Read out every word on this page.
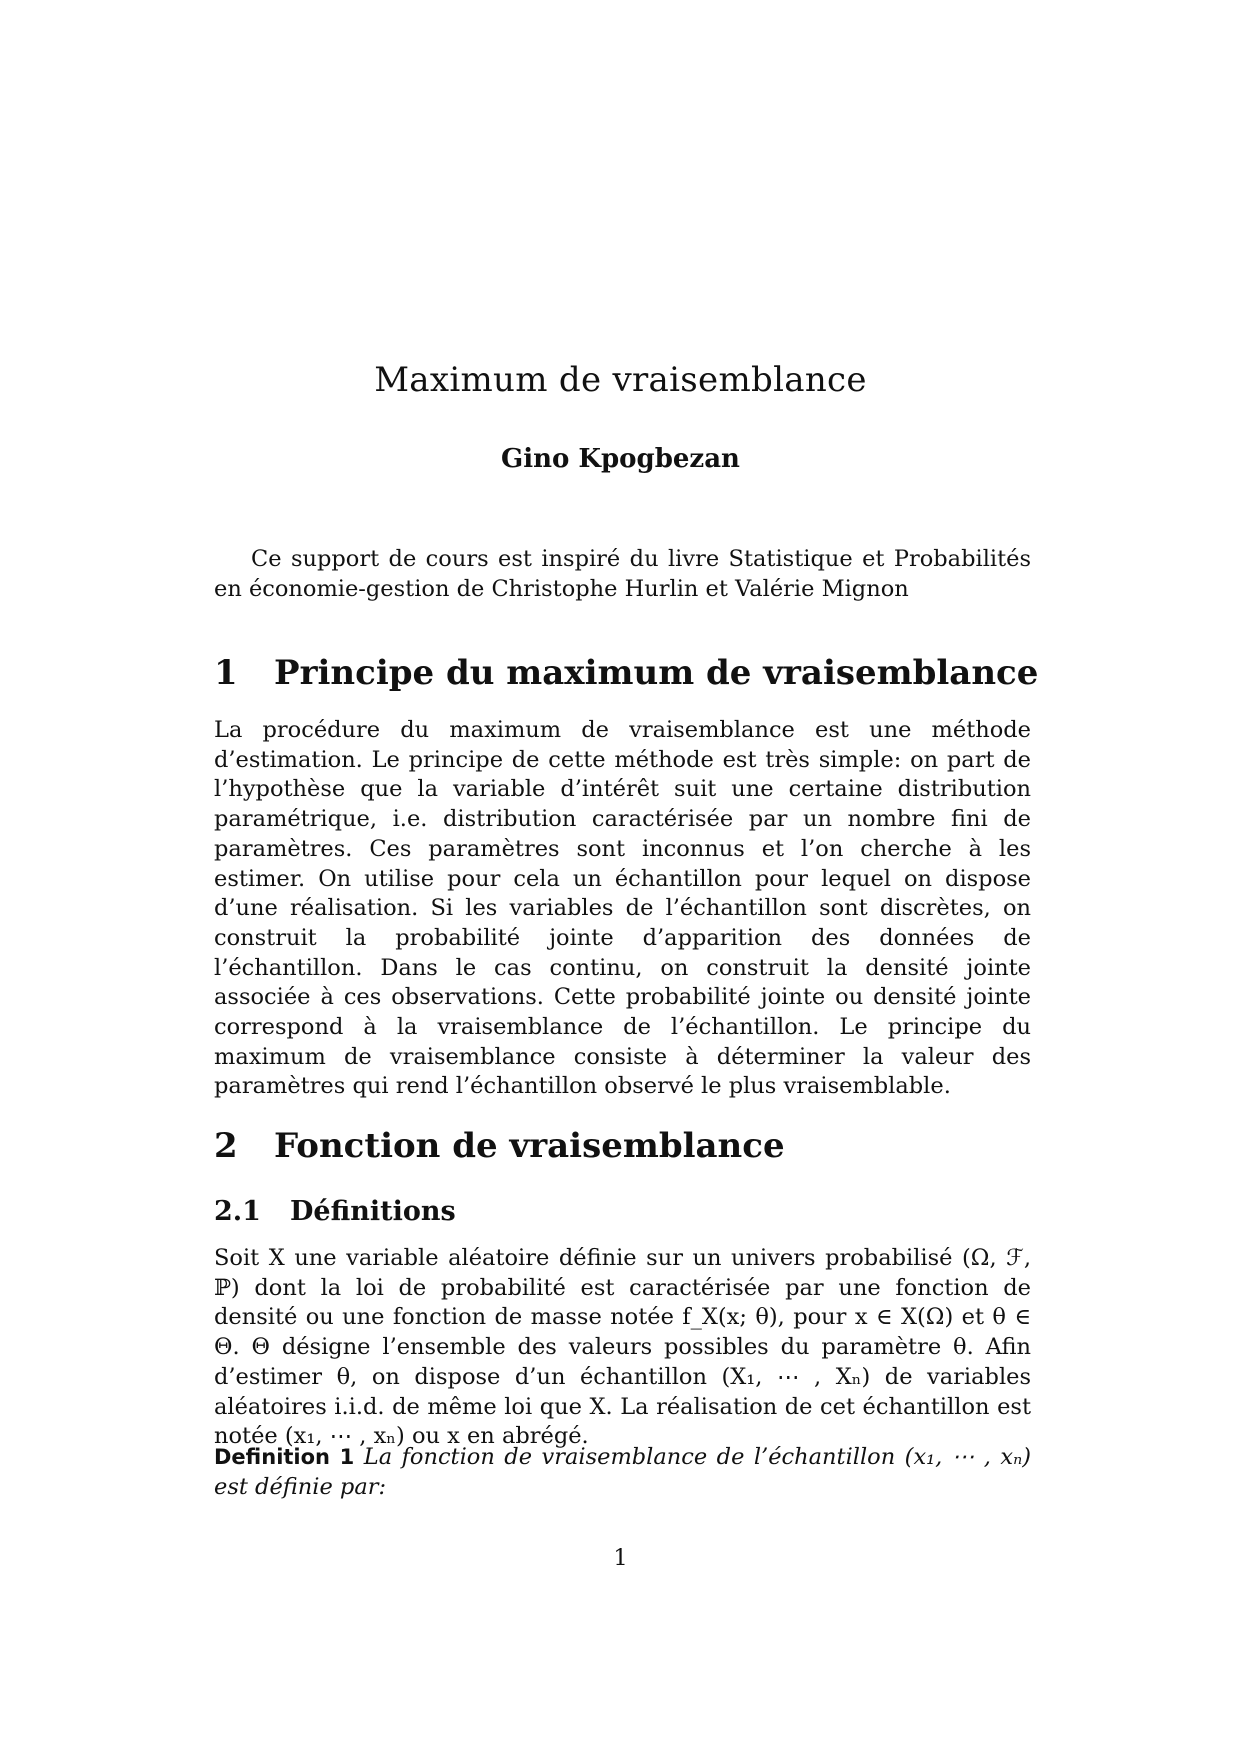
Maximum de vraisemblance
Gino Kpogbezan

Ce support de cours est inspiré du livre Statistique et Probabilités en économie-gestion de Christophe Hurlin et Valérie Mignon

1 Principe du maximum de vraisemblance

La procédure du maximum de vraisemblance est une méthode d’estimation. Le principe de cette méthode est très simple: on part de l’hypothèse que la variable d’intérêt suit une certaine distribution paramétrique, i.e. distribution caractérisée par un nombre fini de paramètres. Ces paramètres sont inconnus et l’on cherche à les estimer. On utilise pour cela un échantillon pour lequel on dispose d’une réalisation. Si les variables de l’échantillon sont discrètes, on construit la probabilité jointe d’apparition des données de l’échantillon. Dans le cas continu, on construit la densité jointe associée à ces observations. Cette probabilité jointe ou densité jointe correspond à la vraisemblance de l’échantillon. Le principe du maximum de vraisemblance consiste à déterminer la valeur des paramètres qui rend l’échantillon observé le plus vraisemblable.

2 Fonction de vraisemblance
2.1 Définitions

Soit X une variable aléatoire définie sur un univers probabilisé (Ω, ℱ, ℙ) dont la loi de probabilité est caractérisée par une fonction de densité ou une fonction de masse notée f_X(x; θ), pour x ∈ X(Ω) et θ ∈ Θ. Θ désigne l’ensemble des valeurs possibles du paramètre θ. Afin d’estimer θ, on dispose d’un échantillon (X₁, ⋯ , Xₙ) de variables aléatoires i.i.d. de même loi que X. La réalisation de cet échantillon est notée (x₁, ⋯ , xₙ) ou x en abrégé.

Definition 1 La fonction de vraisemblance de l’échantillon (x₁, ⋯ , xₙ) est définie par:

1
